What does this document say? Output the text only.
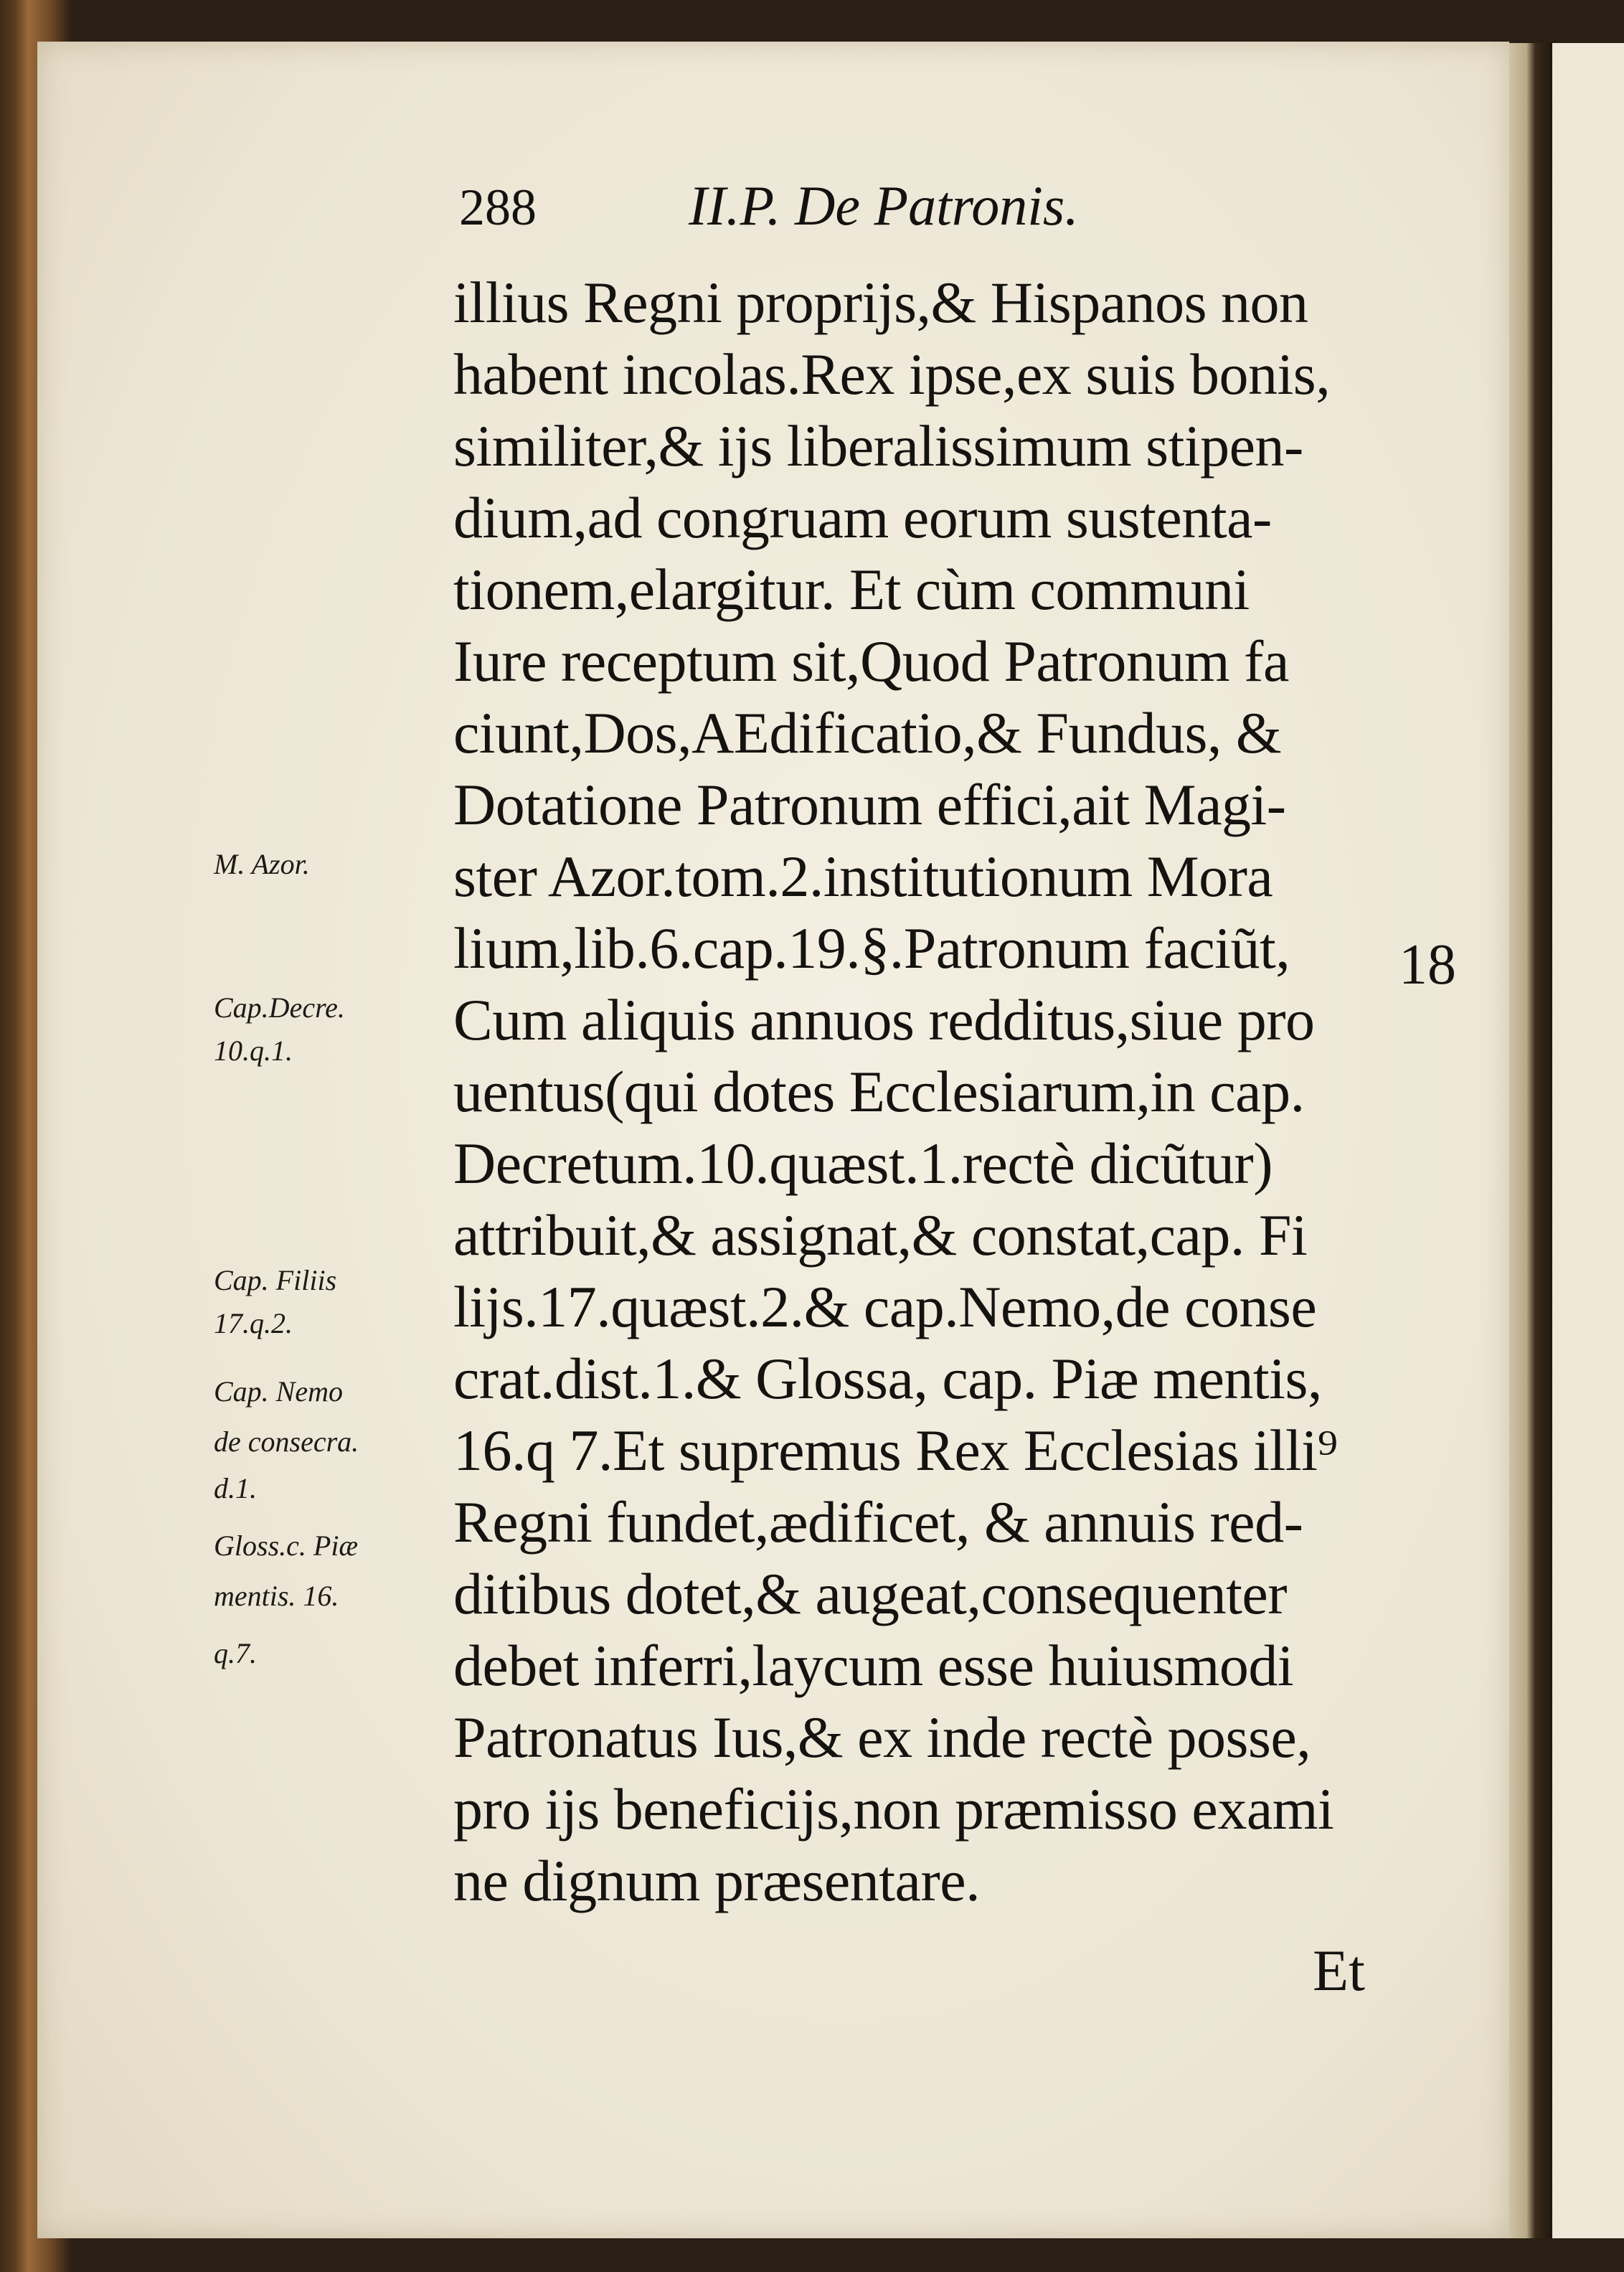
288	II.P. De Patronis.
illius Regni proprijs,& Hispanos non
habent incolas.Rex ipse,ex suis bonis,
similiter,& ijs liberalissimum stipen-
dium,ad congruam eorum sustenta-
tionem,elargitur. Et cùm communi
Iure receptum sit,Quod Patronum fa
ciunt,Dos,AEdificatio,& Fundus, &
Dotatione Patronum effici,ait Magi-
ster Azor.tom.2.institutionum Mora
lium,lib.6.cap.19.§.Patronum faciũt,
Cum aliquis annuos redditus,siue pro
uentus(qui dotes Ecclesiarum,in cap.
Decretum.10.quæst.1.rectè dicũtur)
attribuit,& assignat,& constat,cap. Fi
lijs.17.quæst.2.& cap.Nemo,de conse
crat.dist.1.& Glossa, cap. Piæ mentis,
16.q 7.Et supremus Rex Ecclesias illi⁹
Regni fundet,ædificet, & annuis red-
ditibus dotet,& augeat,consequenter
debet inferri,laycum esse huiusmodi
Patronatus Ius,& ex inde rectè posse,
pro ijs beneficijs,non præmisso exami
ne dignum præsentare.
M. Azor.
Cap.Decre.
10.q.1.
Cap. Filiis
17.q.2.
Cap. Nemo
de consecra.
d.1.
Gloss.c. Piæ
mentis. 16.
q.7.
18
Et
